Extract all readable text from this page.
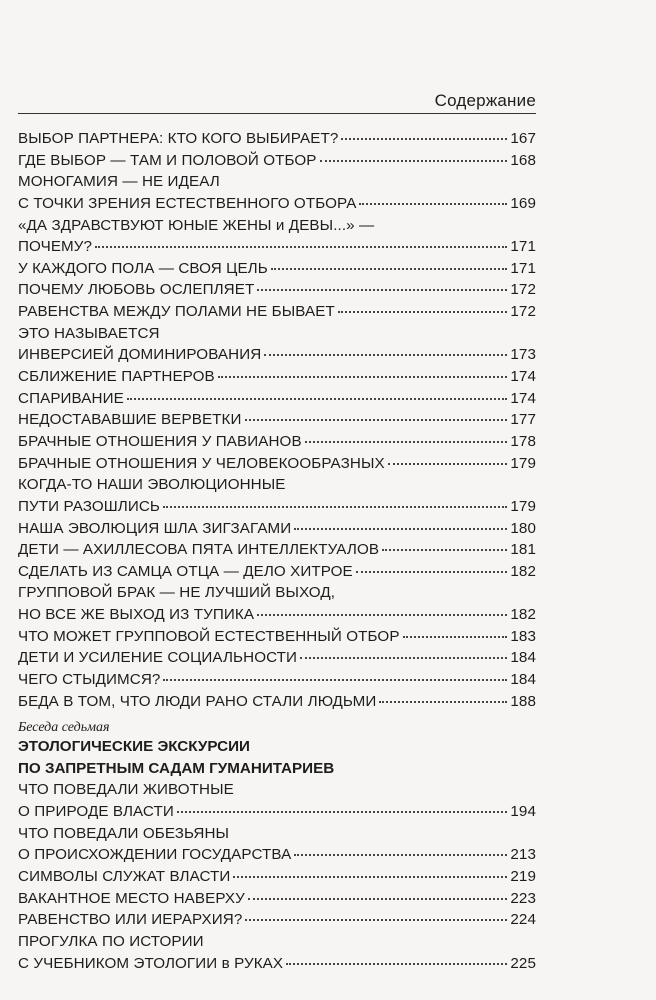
Содержание
ВЫБОР ПАРТНЕРА: КТО КОГО ВЫБИРАЕТ?	167
ГДЕ ВЫБОР — ТАМ И ПОЛОВОЙ ОТБОР	168
МОНОГАМИЯ — НЕ ИДЕАЛ
С ТОЧКИ ЗРЕНИЯ ЕСТЕСТВЕННОГО ОТБОРА	169
«ДА ЗДРАВСТВУЮТ ЮНЫЕ ЖЕНЫ и ДЕВЫ...» —
ПОЧЕМУ?	171
У КАЖДОГО ПОЛА — СВОЯ ЦЕЛЬ	171
ПОЧЕМУ ЛЮБОВЬ ОСЛЕПЛЯЕТ	172
РАВЕНСТВА МЕЖДУ ПОЛАМИ НЕ БЫВАЕТ	172
ЭТО НАЗЫВАЕТСЯ
ИНВЕРСИЕЙ ДОМИНИРОВАНИЯ	173
СБЛИЖЕНИЕ ПАРТНЕРОВ	174
СПАРИВАНИЕ	174
НЕДОСТАВАВШИЕ ВЕРВЕТКИ	177
БРАЧНЫЕ ОТНОШЕНИЯ У ПАВИАНОВ	178
БРАЧНЫЕ ОТНОШЕНИЯ У ЧЕЛОВЕКООБРАЗНЫХ	179
КОГДА-ТО НАШИ ЭВОЛЮЦИОННЫЕ
ПУТИ РАЗОШЛИСЬ	179
НАША ЭВОЛЮЦИЯ ШЛА ЗИГЗАГАМИ	180
ДЕТИ — АХИЛЛЕСОВА ПЯТА ИНТЕЛЛЕКТУАЛОВ	181
СДЕЛАТЬ ИЗ САМЦА ОТЦА — ДЕЛО ХИТРОЕ	182
ГРУППОВОЙ БРАК — НЕ ЛУЧШИЙ ВЫХОД,
НО ВСЕ ЖЕ ВЫХОД ИЗ ТУПИКА	182
ЧТО МОЖЕТ ГРУППОВОЙ ЕСТЕСТВЕННЫЙ ОТБОР	183
ДЕТИ И УСИЛЕНИЕ СОЦИАЛЬНОСТИ	184
ЧЕГО СТЫДИМСЯ?	184
БЕДА В ТОМ, ЧТО ЛЮДИ РАНО СТАЛИ ЛЮДЬМИ	188
Беседа седьмая
ЭТОЛОГИЧЕСКИЕ ЭКСКУРСИИ
ПО ЗАПРЕТНЫМ САДАМ ГУМАНИТАРИЕВ
ЧТО ПОВЕДАЛИ ЖИВОТНЫЕ
О ПРИРОДЕ ВЛАСТИ	194
ЧТО ПОВЕДАЛИ ОБЕЗЬЯНЫ
О ПРОИСХОЖДЕНИИ ГОСУДАРСТВА	213
СИМВОЛЫ СЛУЖАТ ВЛАСТИ	219
ВАКАНТНОЕ МЕСТО НАВЕРХУ	223
РАВЕНСТВО ИЛИ ИЕРАРХИЯ?	224
ПРОГУЛКА ПО ИСТОРИИ
С УЧЕБНИКОМ ЭТОЛОГИИ в РУКАХ	225
